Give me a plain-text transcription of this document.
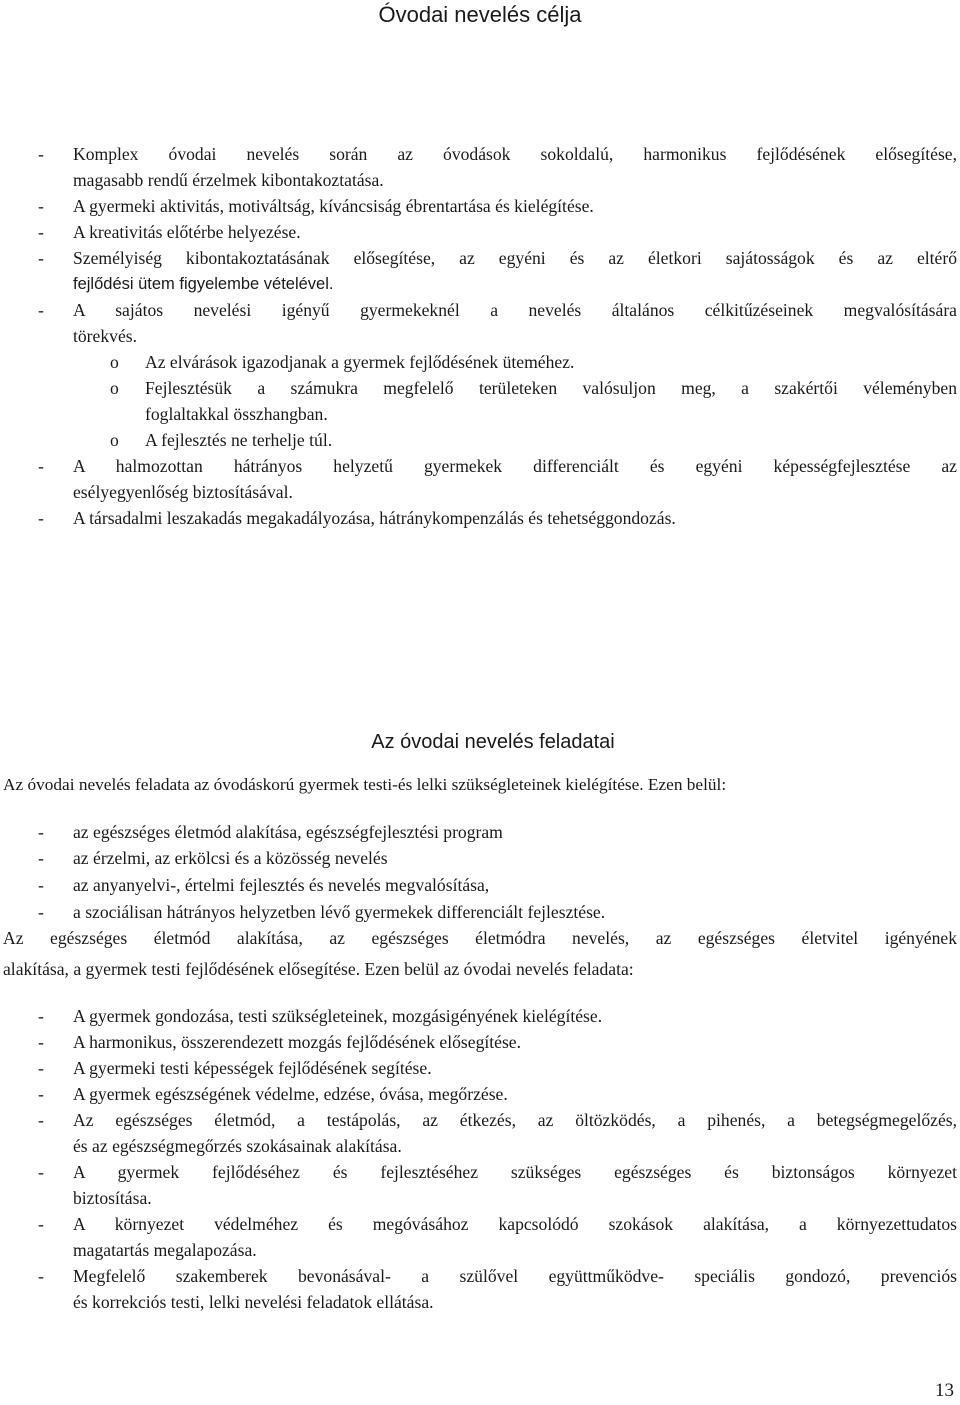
Óvodai nevelés célja
- Komplex óvodai nevelés során az óvodások sokoldalú, harmonikus fejlődésének elősegítése,
magasabb rendű érzelmek kibontakoztatása.
- A gyermeki aktivitás, motiváltság, kíváncsiság ébrentartása és kielégítése.
- A kreativitás előtérbe helyezése.
- Személyiség kibontakoztatásának elősegítése, az egyéni és az életkori sajátosságok és az eltérő
fejlődési ütem figyelembe vételével.
- A sajátos nevelési igényű gyermekeknél a nevelés általános célkitűzéseinek megvalósítására
törekvés.
o Az elvárások igazodjanak a gyermek fejlődésének üteméhez.
o Fejlesztésük a számukra megfelelő területeken valósuljon meg, a szakértői véleményben
foglaltakkal összhangban.
o A fejlesztés ne terhelje túl.
- A halmozottan hátrányos helyzetű gyermekek differenciált és egyéni képességfejlesztése az
esélyegyenlőség biztosításával.
- A társadalmi leszakadás megakadályozása, hátránykompenzálás és tehetséggondozás.
Az óvodai nevelés feladatai
Az óvodai nevelés feladata az óvodáskorú gyermek testi-és lelki szükségleteinek kielégítése. Ezen belül:
- az egészséges életmód alakítása, egészségfejlesztési program
- az érzelmi, az erkölcsi és a közösség nevelés
- az anyanyelvi-, értelmi fejlesztés és nevelés megvalósítása,
- a szociálisan hátrányos helyzetben lévő gyermekek differenciált fejlesztése.
Az egészséges életmód alakítása, az egészséges életmódra nevelés, az egészséges életvitel igényének
alakítása, a gyermek testi fejlődésének elősegítése. Ezen belül az óvodai nevelés feladata:
- A gyermek gondozása, testi szükségleteinek, mozgásigényének kielégítése.
- A harmonikus, összerendezett mozgás fejlődésének elősegítése.
- A gyermeki testi képességek fejlődésének segítése.
- A gyermek egészségének védelme, edzése, óvása, megőrzése.
- Az egészséges életmód, a testápolás, az étkezés, az öltözködés, a pihenés, a betegségmegelőzés,
és az egészségmegőrzés szokásainak alakítása.
- A gyermek fejlődéséhez és fejlesztéséhez szükséges egészséges és biztonságos környezet
biztosítása.
- A környezet védelméhez és megóvásához kapcsolódó szokások alakítása, a környezettudatos
magatartás megalapozása.
- Megfelelő szakemberek bevonásával- a szülővel együttműködve- speciális gondozó, prevenciós
és korrekciós testi, lelki nevelési feladatok ellátása.
13
